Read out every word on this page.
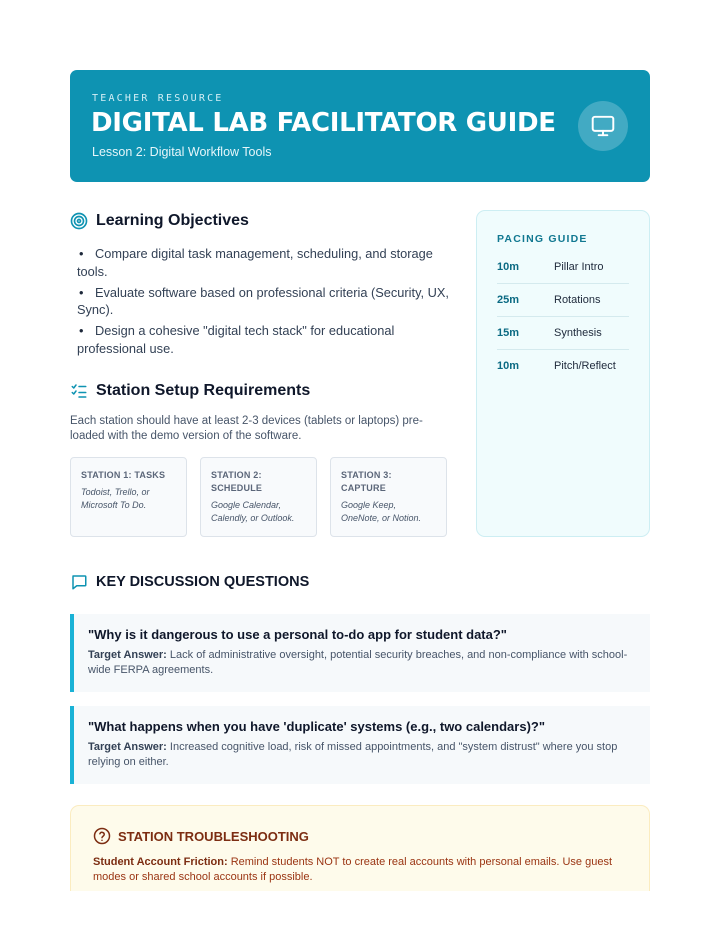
TEACHER RESOURCE
DIGITAL LAB FACILITATOR GUIDE
Lesson 2: Digital Workflow Tools
Learning Objectives
• Compare digital task management, scheduling, and storage tools.
• Evaluate software based on professional criteria (Security, UX, Sync).
• Design a cohesive "digital tech stack" for educational professional use.
Station Setup Requirements
Each station should have at least 2-3 devices (tablets or laptops) pre-loaded with the demo version of the software.
STATION 1: TASKS
Todoist, Trello, or Microsoft To Do.
STATION 2: SCHEDULE
Google Calendar, Calendly, or Outlook.
STATION 3: CAPTURE
Google Keep, OneNote, or Notion.
PACING GUIDE
10m	Pillar Intro
25m	Rotations
15m	Synthesis
10m	Pitch/Reflect
KEY DISCUSSION QUESTIONS
"Why is it dangerous to use a personal to-do app for student data?"
Target Answer: Lack of administrative oversight, potential security breaches, and non-compliance with school-wide FERPA agreements.
"What happens when you have 'duplicate' systems (e.g., two calendars)?"
Target Answer: Increased cognitive load, risk of missed appointments, and "system distrust" where you stop relying on either.
STATION TROUBLESHOOTING
Student Account Friction: Remind students NOT to create real accounts with personal emails. Use guest modes or shared school accounts if possible.
